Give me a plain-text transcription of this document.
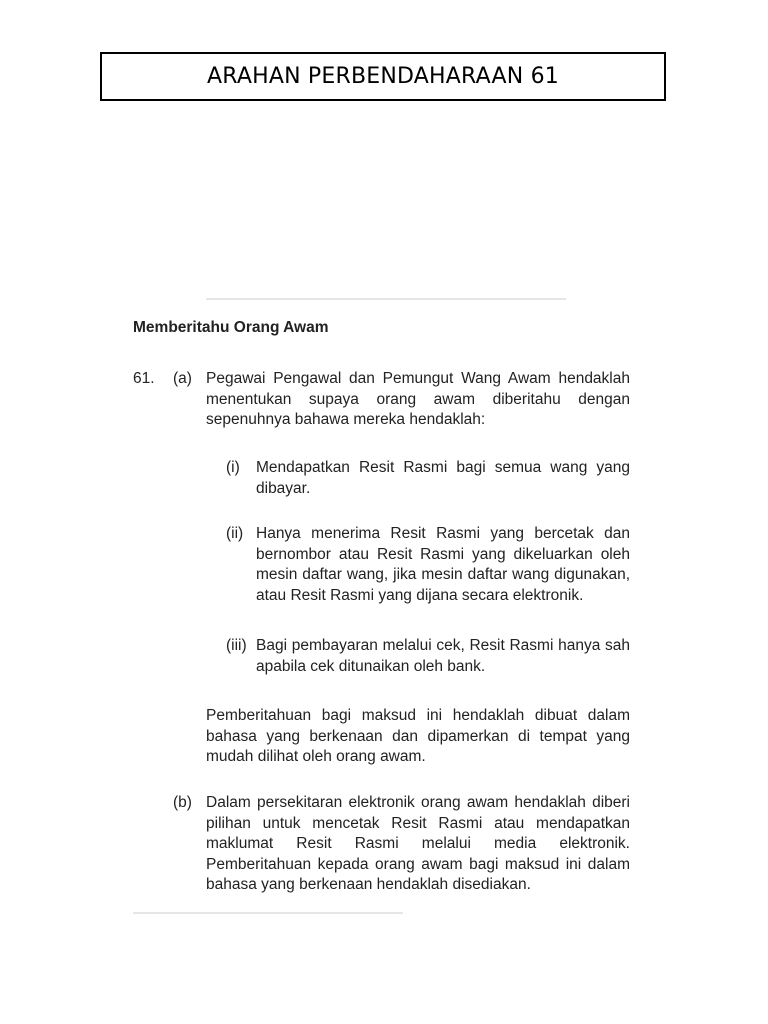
ARAHAN PERBENDAHARAAN 61
Memberitahu Orang Awam
61. (a) Pegawai Pengawal dan Pemungut Wang Awam hendaklah menentukan supaya orang awam diberitahu dengan sepenuhnya bahawa mereka hendaklah:
(i)	Mendapatkan Resit Rasmi bagi semua wang yang dibayar.
(ii) Hanya menerima Resit Rasmi yang bercetak dan bernombor atau Resit Rasmi yang dikeluarkan oleh mesin daftar wang, jika mesin daftar wang digunakan, atau Resit Rasmi yang dijana secara elektronik.
(iii) Bagi pembayaran melalui cek, Resit Rasmi hanya sah apabila cek ditunaikan oleh bank.
Pemberitahuan bagi maksud ini hendaklah dibuat dalam bahasa yang berkenaan dan dipamerkan di tempat yang mudah dilihat oleh orang awam.
(b) Dalam persekitaran elektronik orang awam hendaklah diberi pilihan untuk mencetak Resit Rasmi atau mendapatkan maklumat Resit Rasmi melalui media elektronik. Pemberitahuan kepada orang awam bagi maksud ini dalam bahasa yang berkenaan hendaklah disediakan.
